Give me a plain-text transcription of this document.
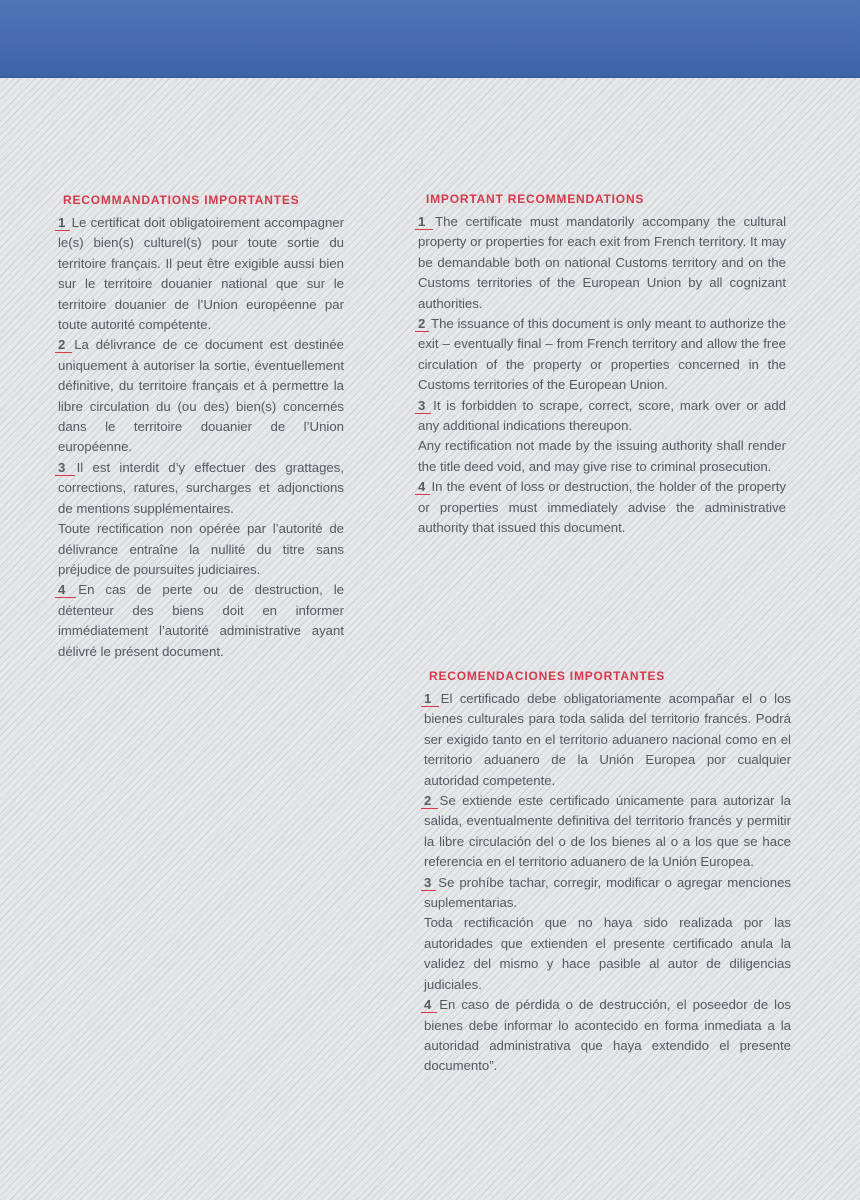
RECOMMANDATIONS IMPORTANTES

1 Le certificat doit obligatoirement accompagner le(s) bien(s) culturel(s) pour toute sortie du territoire français. Il peut être exigible aussi bien sur le territoire douanier national que sur le territoire douanier de l’Union européenne par toute autorité compétente.

2 La délivrance de ce document est destinée uniquement à autoriser la sortie, éventuellement définitive, du territoire français et à permettre la libre circulation du (ou des) bien(s) concernés dans le territoire douanier de l’Union européenne.

3 Il est interdit d’y effectuer des grattages, corrections, ratures, surcharges et adjonctions de mentions supplémentaires.

Toute rectification non opérée par l’autorité de délivrance entraîne la nullité du titre sans préjudice de poursuites judiciaires.

4 En cas de perte ou de destruction, le détenteur des biens doit en informer immédiatement l’autorité administrative ayant délivré le présent document.

IMPORTANT RECOMMENDATIONS

1 The certificate must mandatorily accompany the cultural property or properties for each exit from French territory. It may be demandable both on national Customs territory and on the Customs territories of the European Union by all cognizant authorities.

2 The issuance of this document is only meant to authorize the exit – eventually final – from French territory and allow the free circulation of the property or properties concerned in the Customs territories of the European Union.

3 It is forbidden to scrape, correct, score, mark over or add any additional indications thereupon.

Any rectification not made by the issuing authority shall render the title deed void, and may give rise to criminal prosecution.

4 In the event of loss or destruction, the holder of the property or properties must immediately advise the administrative authority that issued this document.

RECOMENDACIONES IMPORTANTES

1 El certificado debe obligatoriamente acompañar el o los bienes culturales para toda salida del territorio francés. Podrá ser exigido tanto en el territorio aduanero nacional como en el territorio aduanero de la Unión Europea por cualquier autoridad competente.

2 Se extiende este certificado únicamente para autorizar la salida, eventualmente definitiva del territorio francés y permitir la libre circulación del o de los bienes al o a los que se hace referencia en el territorio aduanero de la Unión Europea.

3 Se prohíbe tachar, corregir, modificar o agregar menciones suplementarias.

Toda rectificación que no haya sido realizada por las autoridades que extienden el presente certificado anula la validez del mismo y hace pasible al autor de diligencias judiciales.

4 En caso de pérdida o de destrucción, el poseedor de los bienes debe informar lo acontecido en forma inmediata a la autoridad administrativa que haya extendido el presente documento”.
